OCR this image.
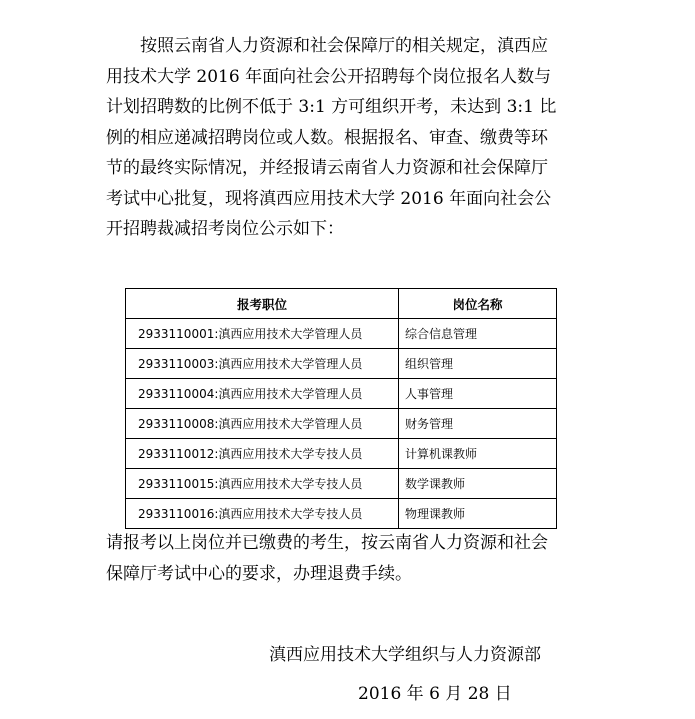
按照云南省人力资源和社会保障厅的相关规定，滇西应
用技术大学 2016 年面向社会公开招聘每个岗位报名人数与
计划招聘数的比例不低于 3:1 方可组织开考，未达到 3:1 比
例的相应递减招聘岗位或人数。根据报名、审查、缴费等环
节的最终实际情况，并经报请云南省人力资源和社会保障厅
考试中心批复，现将滇西应用技术大学 2016 年面向社会公
开招聘裁减招考岗位公示如下：
报考职位	岗位名称
2933110001:滇西应用技术大学管理人员	综合信息管理
2933110003:滇西应用技术大学管理人员	组织管理
2933110004:滇西应用技术大学管理人员	人事管理
2933110008:滇西应用技术大学管理人员	财务管理
2933110012:滇西应用技术大学专技人员	计算机课教师
2933110015:滇西应用技术大学专技人员	数学课教师
2933110016:滇西应用技术大学专技人员	物理课教师
请报考以上岗位并已缴费的考生，按云南省人力资源和社会
保障厅考试中心的要求，办理退费手续。
滇西应用技术大学组织与人力资源部
2016 年 6 月 28 日
